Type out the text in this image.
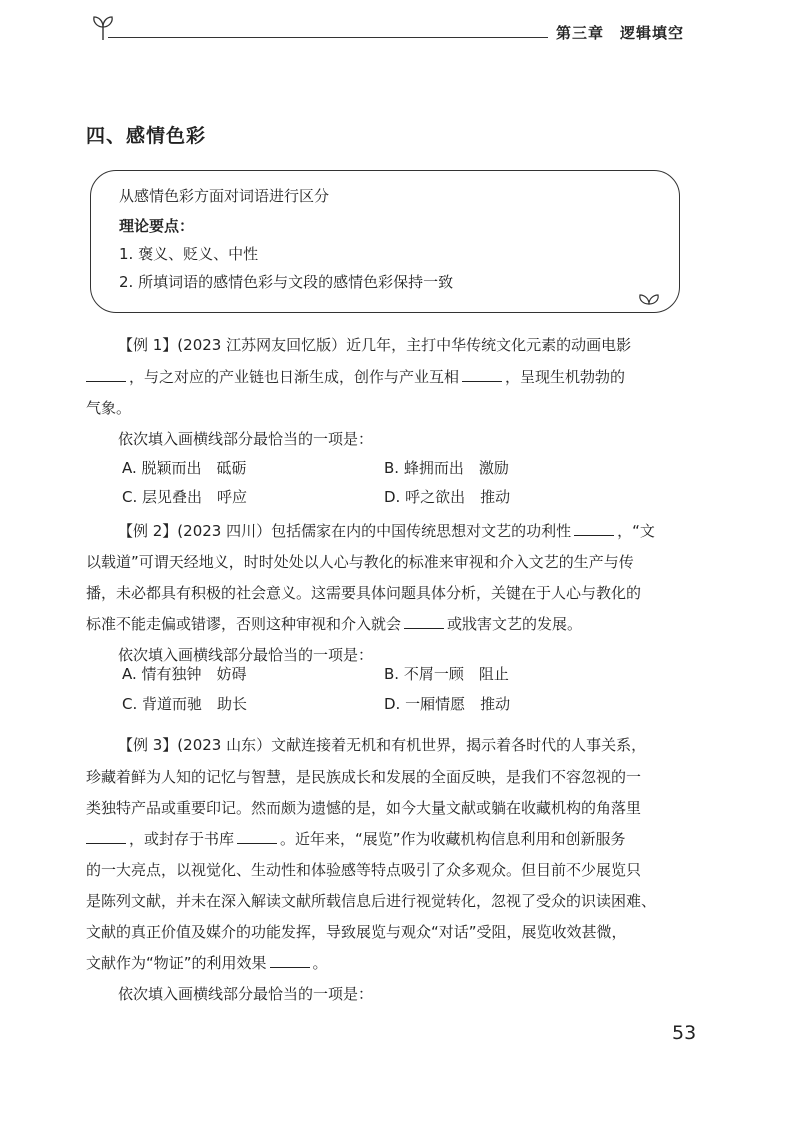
第三章　逻辑填空
四、感情色彩
从感情色彩方面对词语进行区分
理论要点：
1. 褒义、贬义、中性
2. 所填词语的感情色彩与文段的感情色彩保持一致
【例 1】(2023 江苏网友回忆版）近几年，主打中华传统文化元素的动画电影
，与之对应的产业链也日渐生成，创作与产业互相	，呈现生机勃勃的
气象。
依次填入画横线部分最恰当的一项是：
A. 脱颖而出　砥砺	B. 蜂拥而出　激励
C. 层见叠出　呼应	D. 呼之欲出　推动
【例 2】(2023 四川）包括儒家在内的中国传统思想对文艺的功利性	，“文
以载道”可谓天经地义，时时处处以人心与教化的标准来审视和介入文艺的生产与传
播，未必都具有积极的社会意义。这需要具体问题具体分析，关键在于人心与教化的
标准不能走偏或错谬，否则这种审视和介入就会	或戕害文艺的发展。
依次填入画横线部分最恰当的一项是：
A. 情有独钟　妨碍	B. 不屑一顾　阻止
C. 背道而驰　助长	D. 一厢情愿　推动
【例 3】(2023 山东）文献连接着无机和有机世界，揭示着各时代的人事关系，
珍藏着鲜为人知的记忆与智慧，是民族成长和发展的全面反映，是我们不容忽视的一
类独特产品或重要印记。然而颇为遗憾的是，如今大量文献或躺在收藏机构的角落里
，或封存于书库	。近年来，“展览”作为收藏机构信息利用和创新服务
的一大亮点，以视觉化、生动性和体验感等特点吸引了众多观众。但目前不少展览只
是陈列文献，并未在深入解读文献所载信息后进行视觉转化，忽视了受众的识读困难、
文献的真正价值及媒介的功能发挥，导致展览与观众“对话”受阻，展览收效甚微，
文献作为“物证”的利用效果	。
依次填入画横线部分最恰当的一项是：
53
